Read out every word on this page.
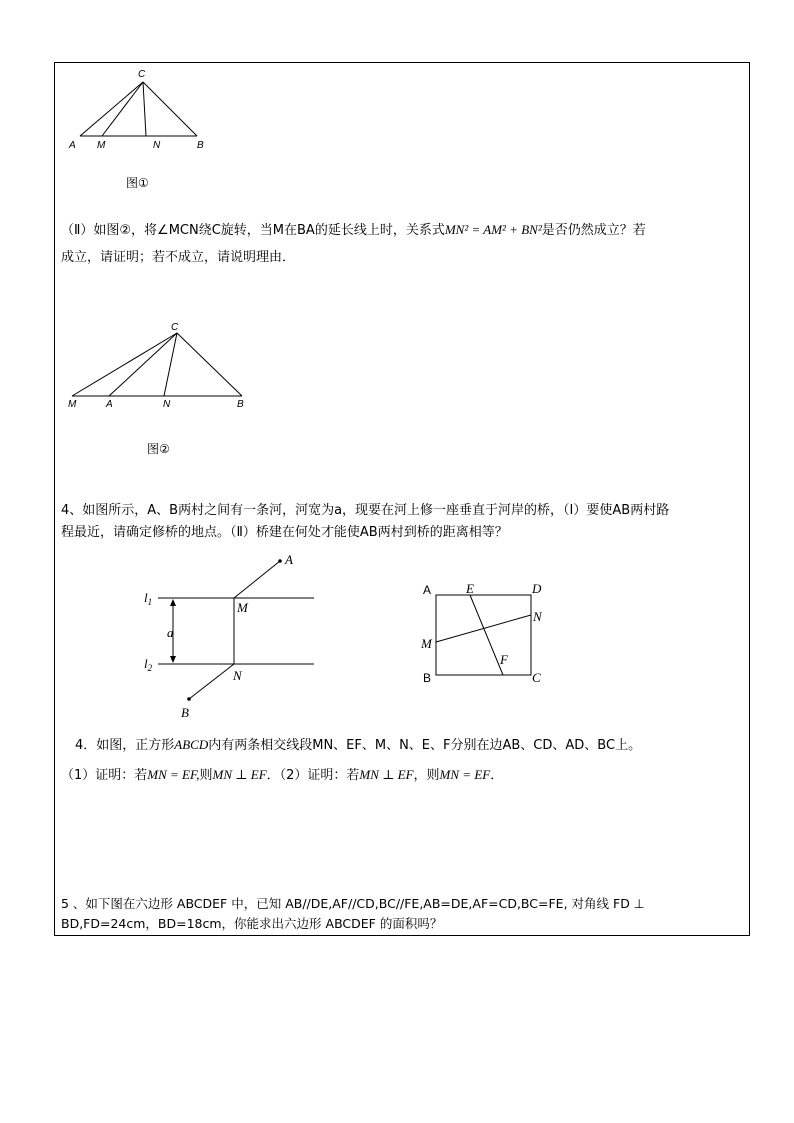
C
A M	N	B
图①
（Ⅱ）如图②，将∠MCN绕C旋转，当M在BA的延长线上时，关系式MN² = AM² + BN²是否仍然成立？若
成立，请证明；若不成立，请说明理由．
C
M	A	N	B
图②
4、如图所示，A、B两村之间有一条河，河宽为a，现要在河上修一座垂直于河岸的桥，（Ⅰ）要使AB两村路
程最近，请确定修桥的地点。（Ⅱ）桥建在何处才能使AB两村到桥的距离相等？
A
$l_1$	M
a
$l_2$	N
B
A	E	D
N
M
F
B	C
4．如图，正方形ABCD内有两条相交线段MN、EF、M、N、E、F分别在边AB、CD、AD、BC上。
（1）证明：若MN = EF,则MN ⊥ EF．（2）证明：若MN ⊥ EF，则MN = EF．
5 、如下图在六边形 ABCDEF 中，已知 AB//DE,AF//CD,BC//FE,AB=DE,AF=CD,BC=FE, 对角线 FD ⊥
BD,FD=24cm，BD=18cm，你能求出六边形 ABCDEF 的面积吗？
